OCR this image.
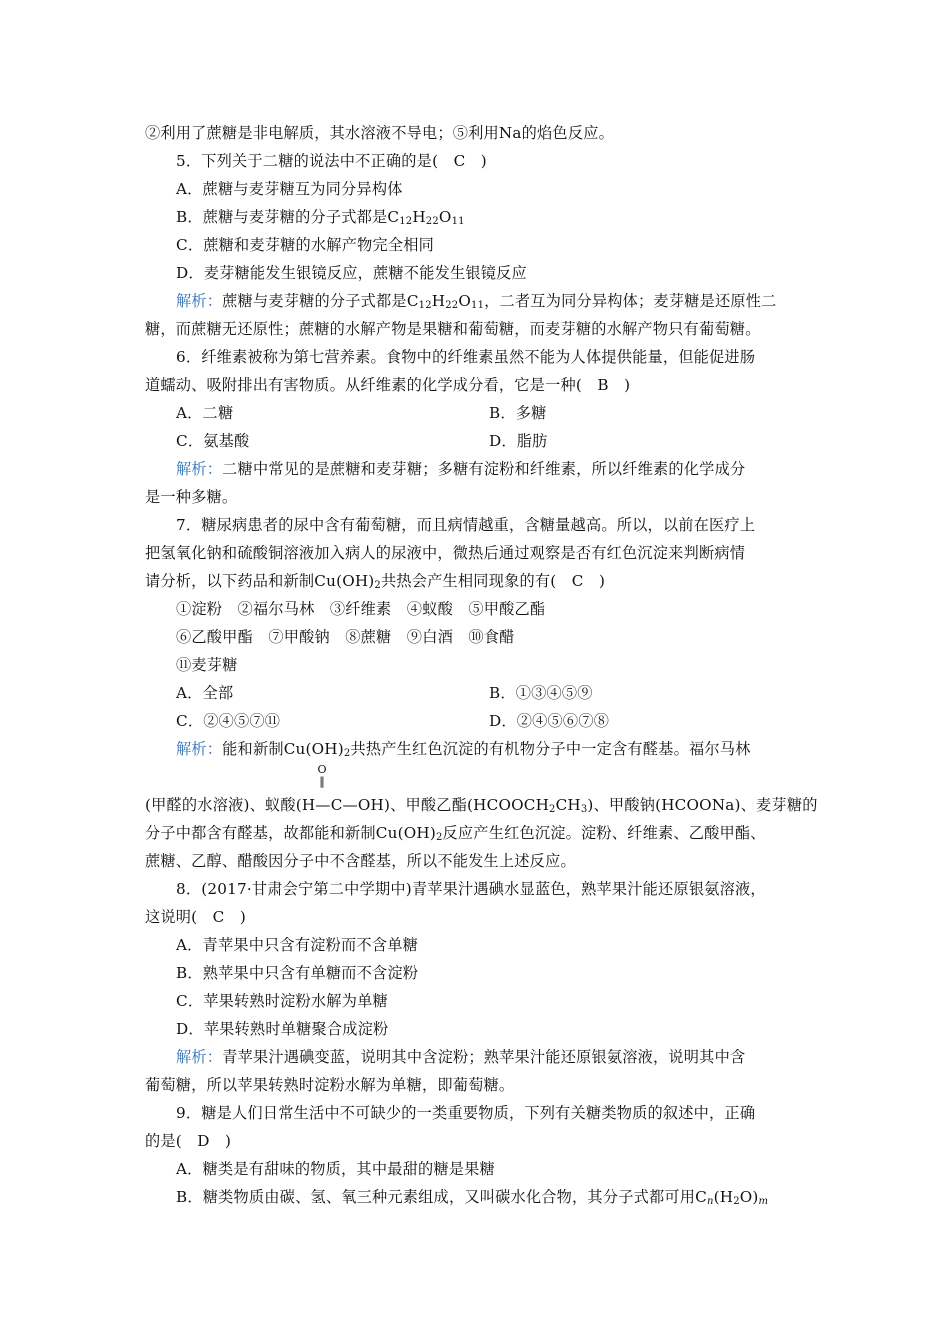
②利用了蔗糖是非电解质，其水溶液不导电；⑤利用Na的焰色反应。
5．下列关于二糖的说法中不正确的是(　C　)
A．蔗糖与麦芽糖互为同分异构体
B．蔗糖与麦芽糖的分子式都是$C_{12}H_{22}O_{11}$
C．蔗糖和麦芽糖的水解产物完全相同
D．麦芽糖能发生银镜反应，蔗糖不能发生银镜反应
解析：蔗糖与麦芽糖的分子式都是$C_{12}H_{22}O_{11}$，二者互为同分异构体；麦芽糖是还原性二
糖，而蔗糖无还原性；蔗糖的水解产物是果糖和葡萄糖，而麦芽糖的水解产物只有葡萄糖。
6．纤维素被称为第七营养素。食物中的纤维素虽然不能为人体提供能量，但能促进肠
道蠕动、吸附排出有害物质。从纤维素的化学成分看，它是一种(　B　)
A．二糖	B．多糖
C．氨基酸	D．脂肪
解析：二糖中常见的是蔗糖和麦芽糖；多糖有淀粉和纤维素，所以纤维素的化学成分
是一种多糖。
7．糖尿病患者的尿中含有葡萄糖，而且病情越重，含糖量越高。所以，以前在医疗上
把氢氧化钠和硫酸铜溶液加入病人的尿液中，微热后通过观察是否有红色沉淀来判断病情
请分析，以下药品和新制$Cu(OH)_2$共热会产生相同现象的有(　C　)
①淀粉　②福尔马林　③纤维素　④蚁酸　⑤甲酸乙酯
⑥乙酸甲酯　⑦甲酸钠　⑧蔗糖　⑨白酒　⑩食醋
⑪麦芽糖
A．全部	B．①③④⑤⑨
C．②④⑤⑦⑪	D．②④⑤⑥⑦⑧
解析：能和新制$Cu(OH)_2$共热产生红色沉淀的有机物分子中一定含有醛基。福尔马林
O
‖
(甲醛的水溶液)、蚁酸(H—C—OH)、甲酸乙酯$(HCOOCH_2CH_3)$、甲酸钠(HCOONa)、麦芽糖的
分子中都含有醛基，故都能和新制$Cu(OH)_2$反应产生红色沉淀。淀粉、纤维素、乙酸甲酯、
蔗糖、乙醇、醋酸因分子中不含醛基，所以不能发生上述反应。
8．(2017·甘肃会宁第二中学期中)青苹果汁遇碘水显蓝色，熟苹果汁能还原银氨溶液，
这说明(　C　)
A．青苹果中只含有淀粉而不含单糖
B．熟苹果中只含有单糖而不含淀粉
C．苹果转熟时淀粉水解为单糖
D．苹果转熟时单糖聚合成淀粉
解析：青苹果汁遇碘变蓝，说明其中含淀粉；熟苹果汁能还原银氨溶液，说明其中含
葡萄糖，所以苹果转熟时淀粉水解为单糖，即葡萄糖。
9．糖是人们日常生活中不可缺少的一类重要物质，下列有关糖类物质的叙述中，正确
的是(　D　)
A．糖类是有甜味的物质，其中最甜的糖是果糖
B．糖类物质由碳、氢、氧三种元素组成，又叫碳水化合物，其分子式都可用$C_n(H_2O)_m$
